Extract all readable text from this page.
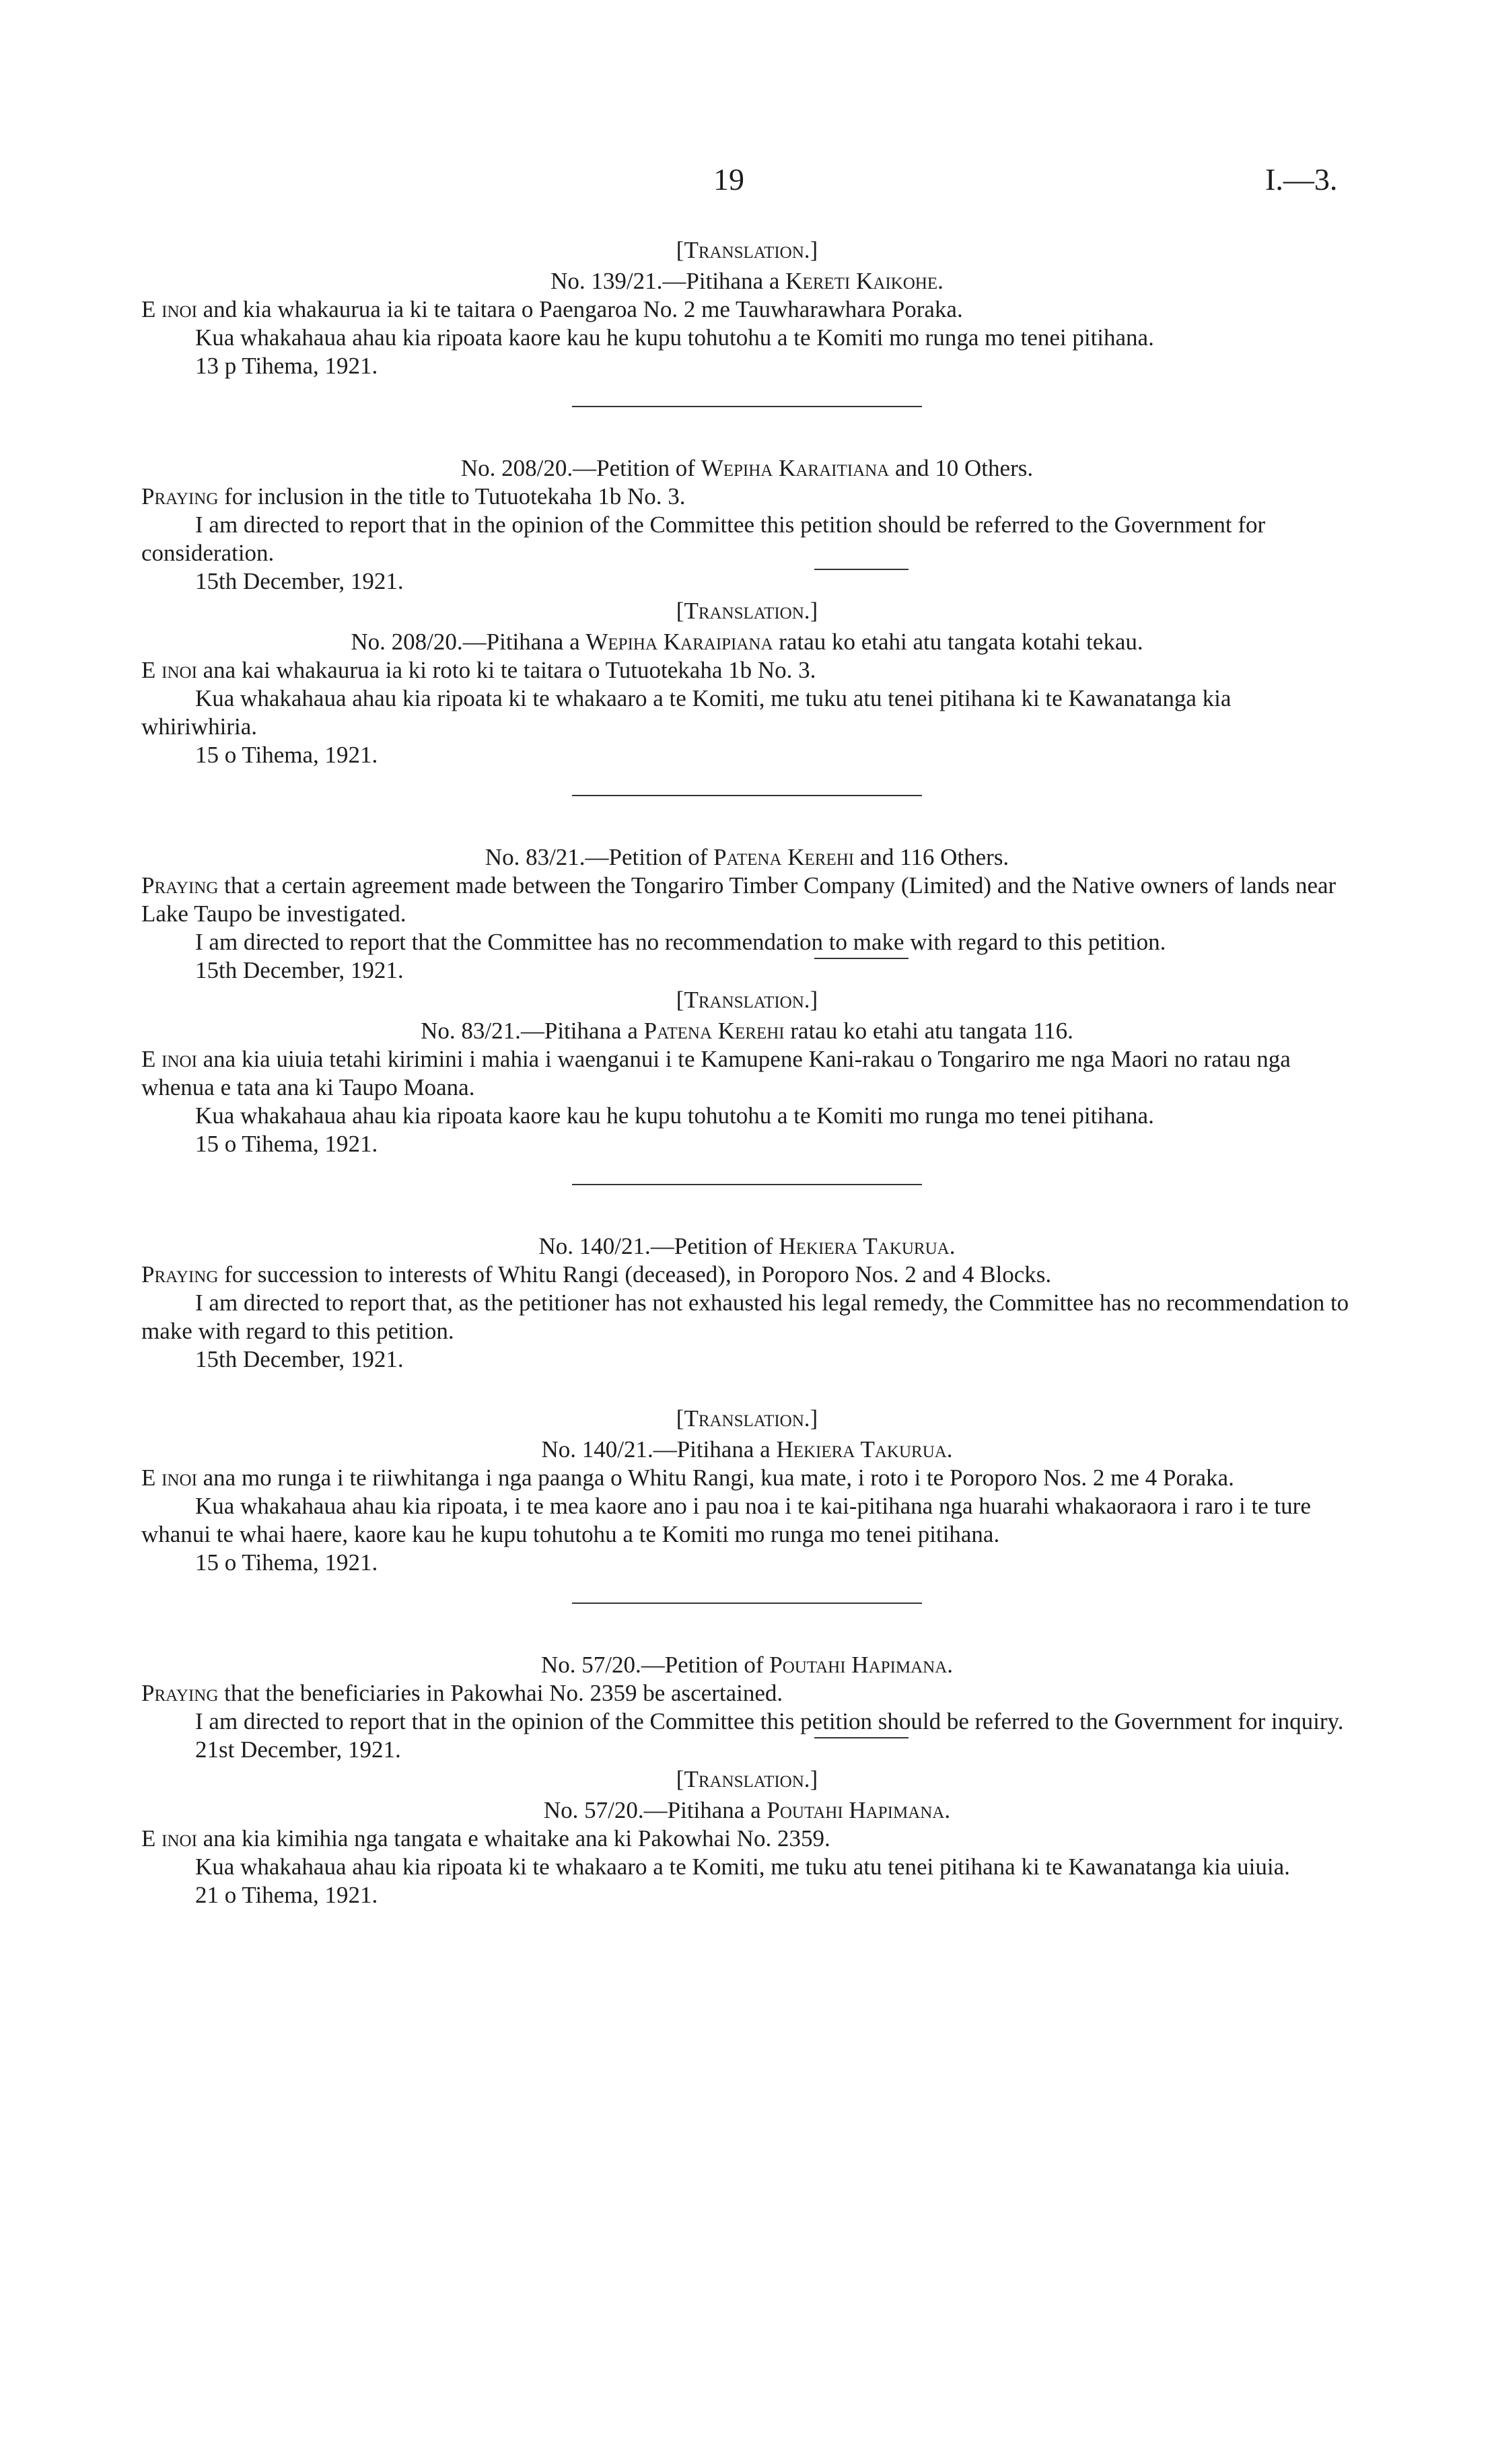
19	I.—3.
[Translation.]
No. 139/21.—Pitihana a Kereti Kaikohe.

E inoi and kia whakaurua ia ki te taitara o Paengaroa No. 2 me Tauwharawhara Poraka.

Kua whakahaua ahau kia ripoata kaore kau he kupu tohutohu a te Komiti mo runga mo tenei pitihana.

13 p Tihema, 1921.

No. 208/20.—Petition of Wepiha Karaitiana and 10 Others.

Praying for inclusion in the title to Tutuotekaha 1b No. 3.

I am directed to report that in the opinion of the Committee this petition should be referred to the Government for consideration.

15th December, 1921.

[Translation.]
No. 208/20.—Pitihana a Wepiha Karaipiana ratau ko etahi atu tangata kotahi tekau.

E inoi ana kai whakaurua ia ki roto ki te taitara o Tutuotekaha 1b No. 3.

Kua whakahaua ahau kia ripoata ki te whakaaro a te Komiti, me tuku atu tenei pitihana ki te Kawanatanga kia whiriwhiria.

15 o Tihema, 1921.

No. 83/21.—Petition of Patena Kerehi and 116 Others.

Praying that a certain agreement made between the Tongariro Timber Company (Limited) and the Native owners of lands near Lake Taupo be investigated.

I am directed to report that the Committee has no recommendation to make with regard to this petition.

15th December, 1921.

[Translation.]
No. 83/21.—Pitihana a Patena Kerehi ratau ko etahi atu tangata 116.

E inoi ana kia uiuia tetahi kirimini i mahia i waenganui i te Kamupene Kani-rakau o Tongariro me nga Maori no ratau nga whenua e tata ana ki Taupo Moana.

Kua whakahaua ahau kia ripoata kaore kau he kupu tohutohu a te Komiti mo runga mo tenei pitihana.

15 o Tihema, 1921.

No. 140/21.—Petition of Hekiera Takurua.

Praying for succession to interests of Whitu Rangi (deceased), in Poroporo Nos. 2 and 4 Blocks.

I am directed to report that, as the petitioner has not exhausted his legal remedy, the Committee has no recommendation to make with regard to this petition.

15th December, 1921.

[Translation.]
No. 140/21.—Pitihana a Hekiera Takurua.

E inoi ana mo runga i te riiwhitanga i nga paanga o Whitu Rangi, kua mate, i roto i te Poroporo Nos. 2 me 4 Poraka.

Kua whakahaua ahau kia ripoata, i te mea kaore ano i pau noa i te kai-pitihana nga huarahi whakaoraora i raro i te ture whanui te whai haere, kaore kau he kupu tohutohu a te Komiti mo runga mo tenei pitihana.

15 o Tihema, 1921.

No. 57/20.—Petition of Poutahi Hapimana.

Praying that the beneficiaries in Pakowhai No. 2359 be ascertained.

I am directed to report that in the opinion of the Committee this petition should be referred to the Government for inquiry.

21st December, 1921.

[Translation.]
No. 57/20.—Pitihana a Poutahi Hapimana.

E inoi ana kia kimihia nga tangata e whaitake ana ki Pakowhai No. 2359.

Kua whakahaua ahau kia ripoata ki te whakaaro a te Komiti, me tuku atu tenei pitihana ki te Kawanatanga kia uiuia.

21 o Tihema, 1921.
